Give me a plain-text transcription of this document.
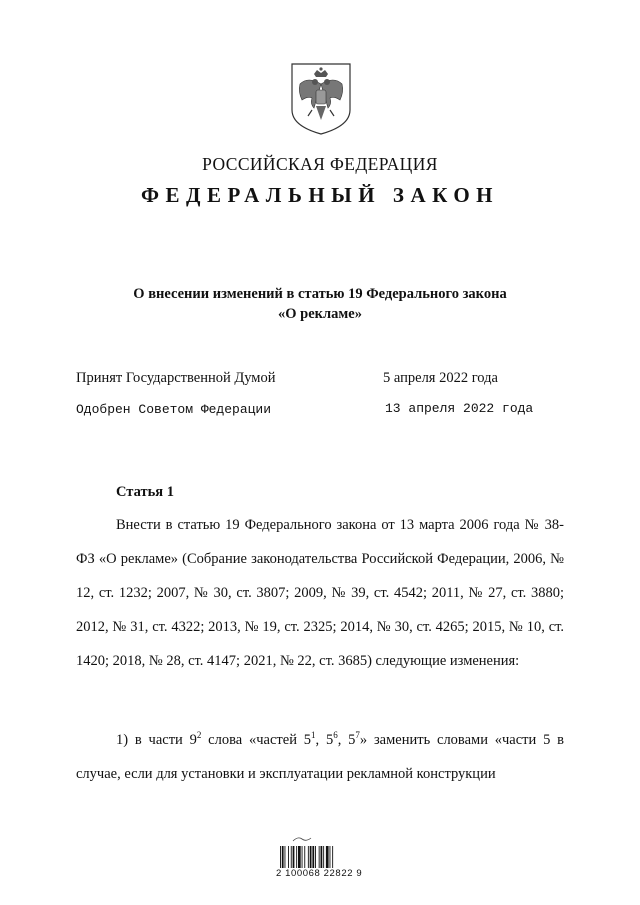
РОССИЙСКАЯ ФЕДЕРАЦИЯ
ФЕДЕРАЛЬНЫЙ ЗАКОН
О внесении изменений в статью 19 Федерального закона
«О рекламе»
Принят Государственной Думой	5 апреля 2022 года
Одобрен Советом Федерации	13 апреля 2022 года
Статья 1
Внести в статью 19 Федерального закона от 13 марта 2006 года № 38-ФЗ «О рекламе» (Собрание законодательства Российской Федерации, 2006, № 12, ст. 1232; 2007, № 30, ст. 3807; 2009, № 39, ст. 4542; 2011, № 27, ст. 3880; 2012, № 31, ст. 4322; 2013, № 19, ст. 2325; 2014, № 30, ст. 4265; 2015, № 10, ст. 1420; 2018, № 28, ст. 4147; 2021, № 22, ст. 3685) следующие изменения:
1) в части $9^2$ слова «частей $5^1$, $5^6$, $5^7$» заменить словами «части 5 в случае, если для установки и эксплуатации рекламной конструкции
2 100068 22822 9
